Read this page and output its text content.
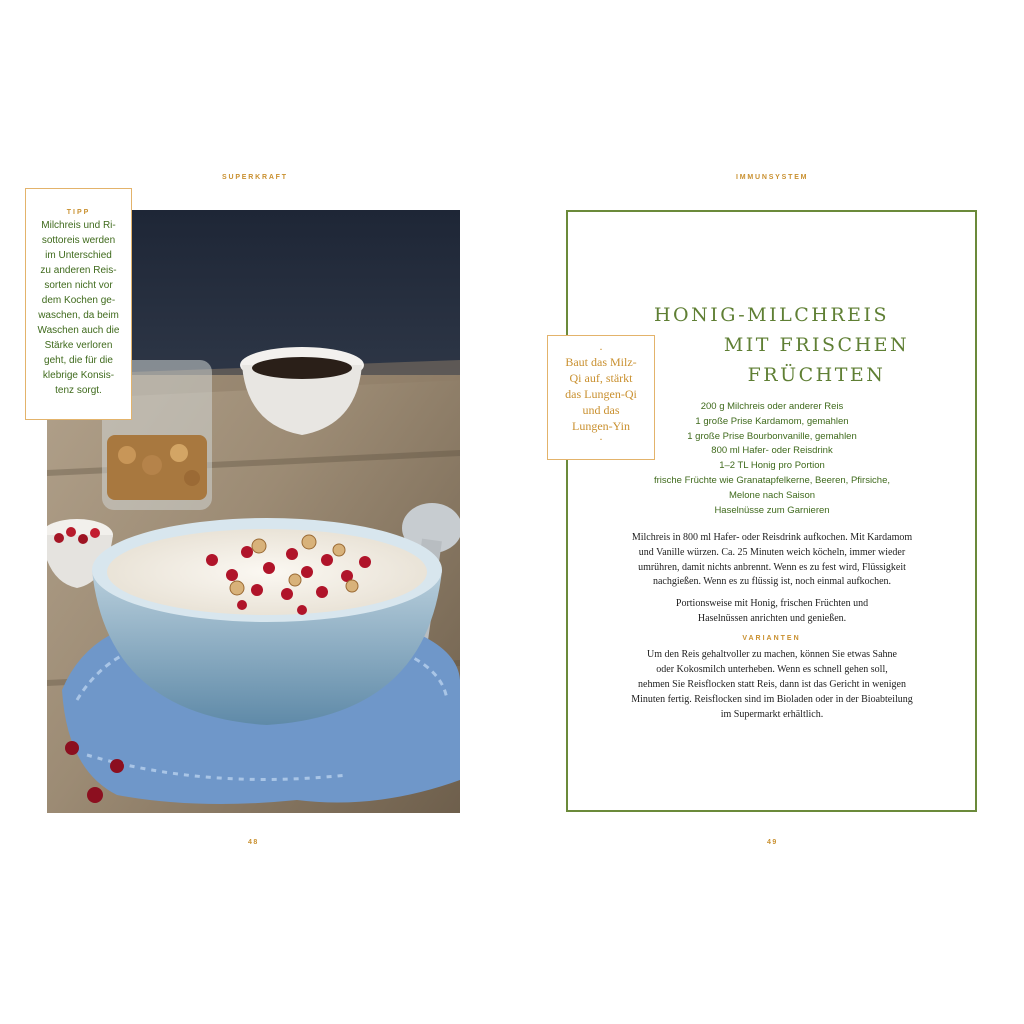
SUPERKRAFT
TIPP
Milchreis und Ri-
sottoreis werden
im Unterschied
zu anderen Reis-
sorten nicht vor
dem Kochen ge-
waschen, da beim
Waschen auch die
Stärke verloren
geht, die für die
klebrige Konsis-
tenz sorgt.
48
IMMUNSYSTEM
HONIG-MILCHREIS
MIT FRISCHEN
FRÜCHTEN
·
Baut das Milz-
Qi auf, stärkt
das Lungen-Qi
und das
Lungen-Yin
·
200 g Milchreis oder anderer Reis
1 große Prise Kardamom, gemahlen
1 große Prise Bourbonvanille, gemahlen
800 ml Hafer- oder Reisdrink
1–2 TL Honig pro Portion
frische Früchte wie Granatapfelkerne, Beeren, Pfirsiche,
Melone nach Saison
Haselnüsse zum Garnieren
Milchreis in 800 ml Hafer- oder Reisdrink aufkochen. Mit Kardamom
und Vanille würzen. Ca. 25 Minuten weich köcheln, immer wieder
umrühren, damit nichts anbrennt. Wenn es zu fest wird, Flüssigkeit
nachgießen. Wenn es zu flüssig ist, noch einmal aufkochen.
Portionsweise mit Honig, frischen Früchten und
Haselnüssen anrichten und genießen.
VARIANTEN
Um den Reis gehaltvoller zu machen, können Sie etwas Sahne
oder Kokosmilch unterheben. Wenn es schnell gehen soll,
nehmen Sie Reisflocken statt Reis, dann ist das Gericht in wenigen
Minuten fertig. Reisflocken sind im Bioladen oder in der Bioabteilung
im Supermarkt erhältlich.
49
